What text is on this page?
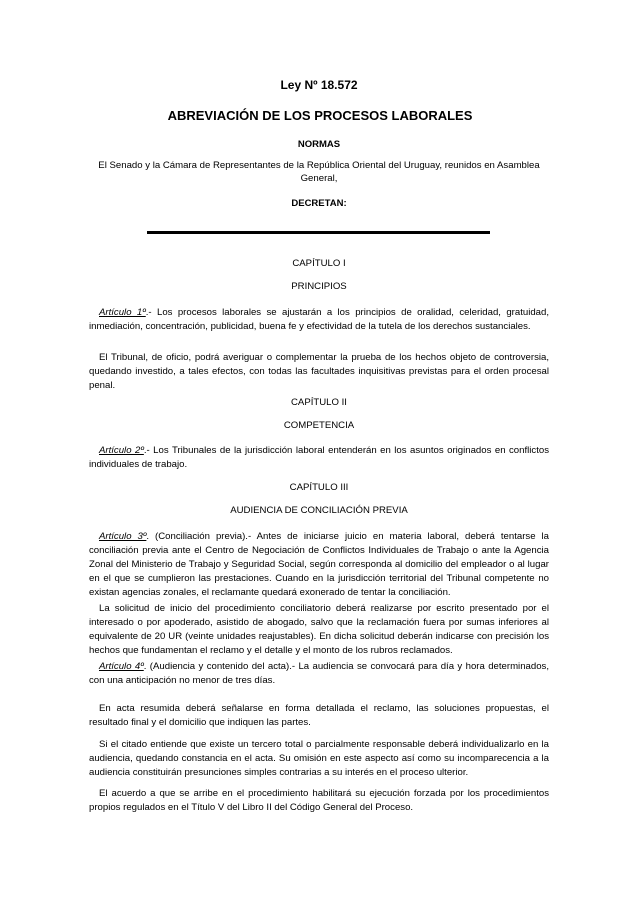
Ley Nº 18.572
ABREVIACIÓN DE LOS PROCESOS LABORALES
NORMAS
El Senado y la Cámara de Representantes de la República Oriental del Uruguay, reunidos en Asamblea General,
DECRETAN:
CAPÍTULO I
PRINCIPIOS
Artículo 1º.- Los procesos laborales se ajustarán a los principios de oralidad, celeridad, gratuidad, inmediación, concentración, publicidad, buena fe y efectividad de la tutela de los derechos sustanciales.
El Tribunal, de oficio, podrá averiguar o complementar la prueba de los hechos objeto de controversia, quedando investido, a tales efectos, con todas las facultades inquisitivas previstas para el orden procesal penal.
CAPÍTULO II
COMPETENCIA
Artículo 2º.- Los Tribunales de la jurisdicción laboral entenderán en los asuntos originados en conflictos individuales de trabajo.
CAPÍTULO III
AUDIENCIA DE CONCILIACIÓN PREVIA
Artículo 3º. (Conciliación previa).- Antes de iniciarse juicio en materia laboral, deberá tentarse la conciliación previa ante el Centro de Negociación de Conflictos Individuales de Trabajo o ante la Agencia Zonal del Ministerio de Trabajo y Seguridad Social, según corresponda al domicilio del empleador o al lugar en el que se cumplieron las prestaciones. Cuando en la jurisdicción territorial del Tribunal competente no existan agencias zonales, el reclamante quedará exonerado de tentar la conciliación.
La solicitud de inicio del procedimiento conciliatorio deberá realizarse por escrito presentado por el interesado o por apoderado, asistido de abogado, salvo que la reclamación fuera por sumas inferiores al equivalente de 20 UR (veinte unidades reajustables). En dicha solicitud deberán indicarse con precisión los hechos que fundamentan el reclamo y el detalle y el monto de los rubros reclamados.
Artículo 4º. (Audiencia y contenido del acta).- La audiencia se convocará para día y hora determinados, con una anticipación no menor de tres días.
En acta resumida deberá señalarse en forma detallada el reclamo, las soluciones propuestas, el resultado final y el domicilio que indiquen las partes.
Si el citado entiende que existe un tercero total o parcialmente responsable deberá individualizarlo en la audiencia, quedando constancia en el acta. Su omisión en este aspecto así como su incomparecencia a la audiencia constituirán presunciones simples contrarias a su interés en el proceso ulterior.
El acuerdo a que se arribe en el procedimiento habilitará su ejecución forzada por los procedimientos propios regulados en el Título V del Libro II del Código General del Proceso.
